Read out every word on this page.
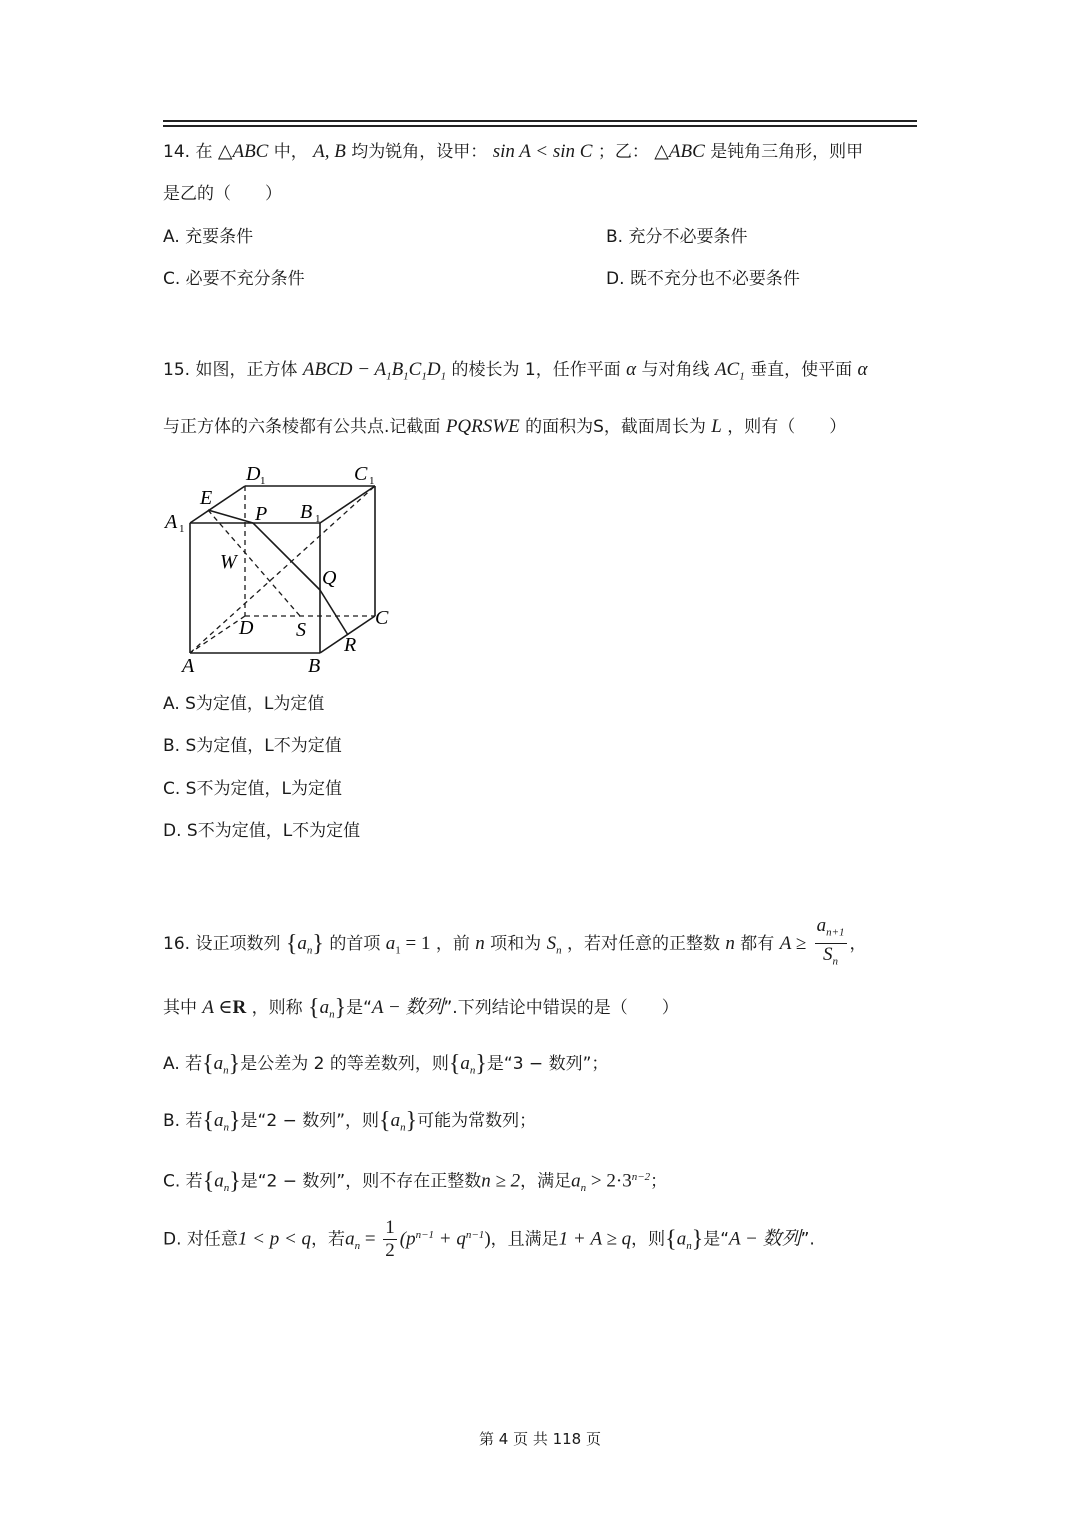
14. 在 △ABC 中， A, B 均为锐角，设甲： sin A < sin C ；乙： △ABC 是钝角三角形，则甲
是乙的（　　）
A. 充要条件	B. 充分不必要条件
C. 必要不充分条件	D. 既不充分也不必要条件
15. 如图，正方体 ABCD − $A_1B_1C_1D_1$ 的棱长为 1，任作平面 α 与对角线 $AC_1$ 垂直，使平面 α
与正方体的六条棱都有公共点.记截面 PQRSWE 的面积为S，截面周长为 L ，则有（　　）
D 1	C 1
E
A 1
P B 1
W
Q
D S
C
R
A	B
A. S为定值，L为定值
B. S为定值，L不为定值
C. S不为定值，L为定值
D. S不为定值，L不为定值
16. 设正项数列 $\{a_n\}$ 的首项 $a_1 = 1$ ，前 n 项和为 $S_n$ ，若对任意的正整数 n 都有 $A \ge \frac{a_{n+1}}{S_n}$ ，
其中 A ∈R ，则称 $\{a_n\}$是“A − 数列”.下列结论中错误的是（　　）
A. 若$\{a_n\}$是公差为 2 的等差数列，则$\{a_n\}$是“3 − 数列”；
B. 若$\{a_n\}$是“2 − 数列”，则$\{a_n\}$可能为常数列；
C. 若$\{a_n\}$是“2 − 数列”，则不存在正整数n ≥ 2，满足$a_n > 2\cdot 3^{n-2}$；
D. 对任意1 < p < q，若$a_n = \frac{1}{2} (p^{n-1} + q^{n-1})$，且满足1 + A ≥ q，则$\{a_n\}$是“A − 数列”.
第 4 页 共 118 页
